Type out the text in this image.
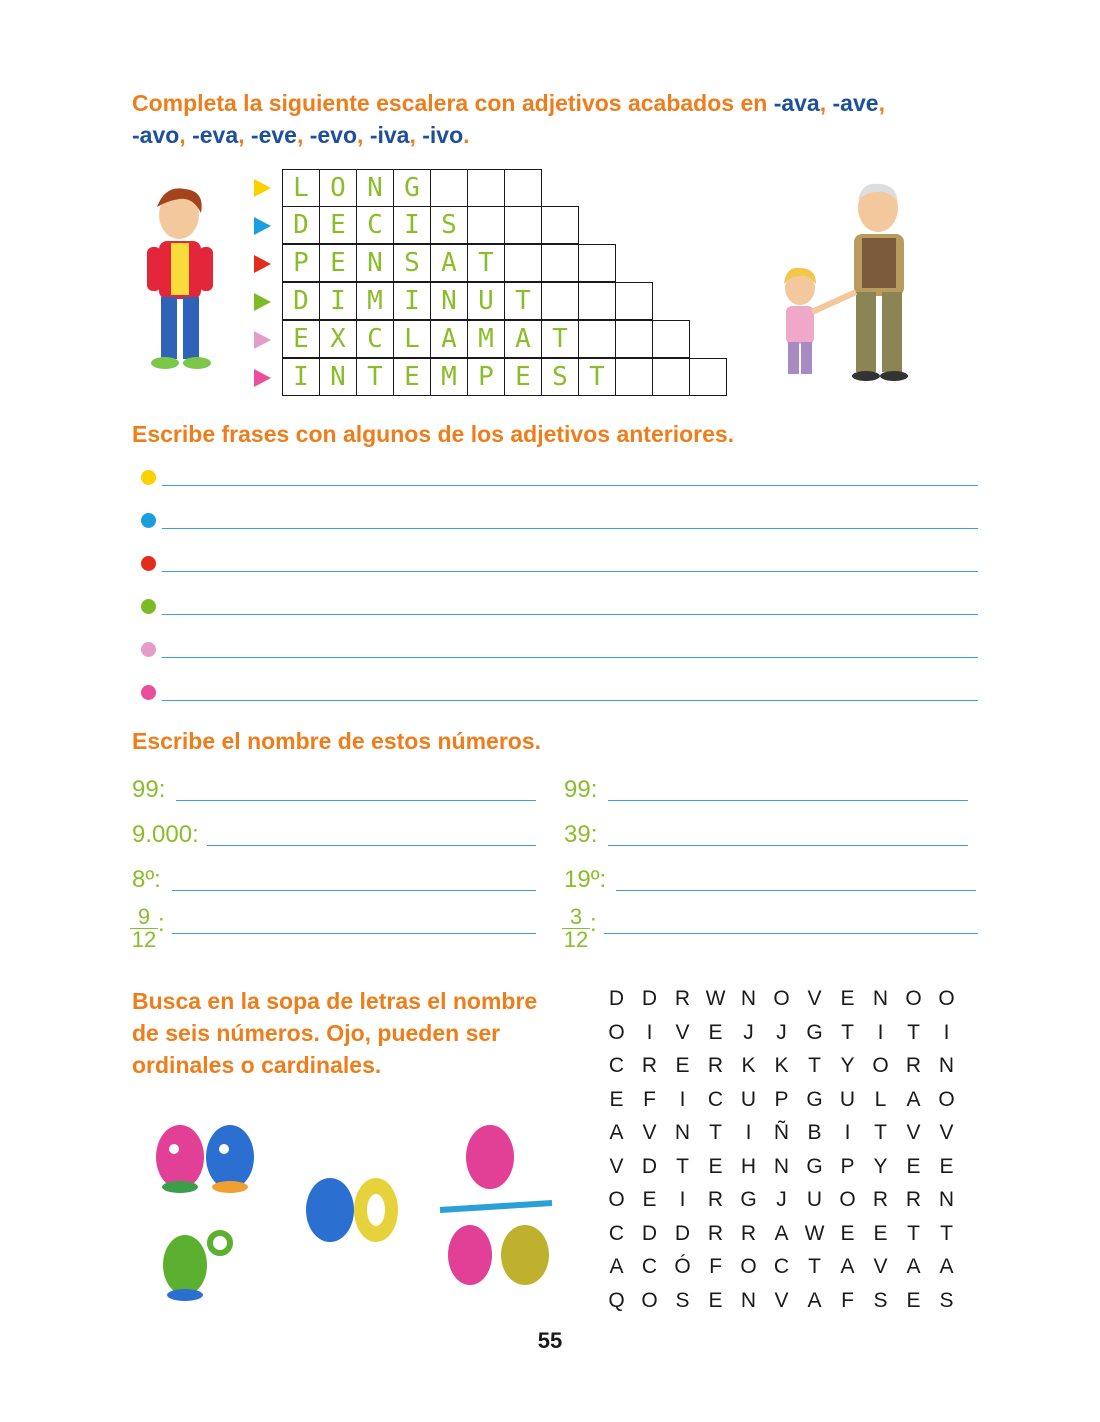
Completa la siguiente escalera con adjetivos acabados en -ava, -ave,
-avo, -eva, -eve, -evo, -iva, -ivo.
L O N G
D E C I S
P E N S A T
D I M I N U T
E X C L A M A T
I N T E M P E S T
Escribe frases con algunos de los adjetivos anteriores.
Escribe el nombre de estos números.
99:	99:
9.000:	39:
8º:	19º:
$\frac{9}{12}$ :	$\frac{3}{12}$ :
Busca en la sopa de letras el nombre
de seis números. Ojo, pueden ser
ordinales o cardinales.
D D R W N O V E N O O
O	I	V E J	J G T	I	T	I
C R E R K K T Y O R N
E F	I	C U P G U L A O
A V N T	I	Ñ B	I	T V V
V D T E H N G P Y E E
O E	I	R G J U O R R N
C D D R R A W E E T T
A C Ó F O C T A V A A
Q O S E N V A F S E S
55
